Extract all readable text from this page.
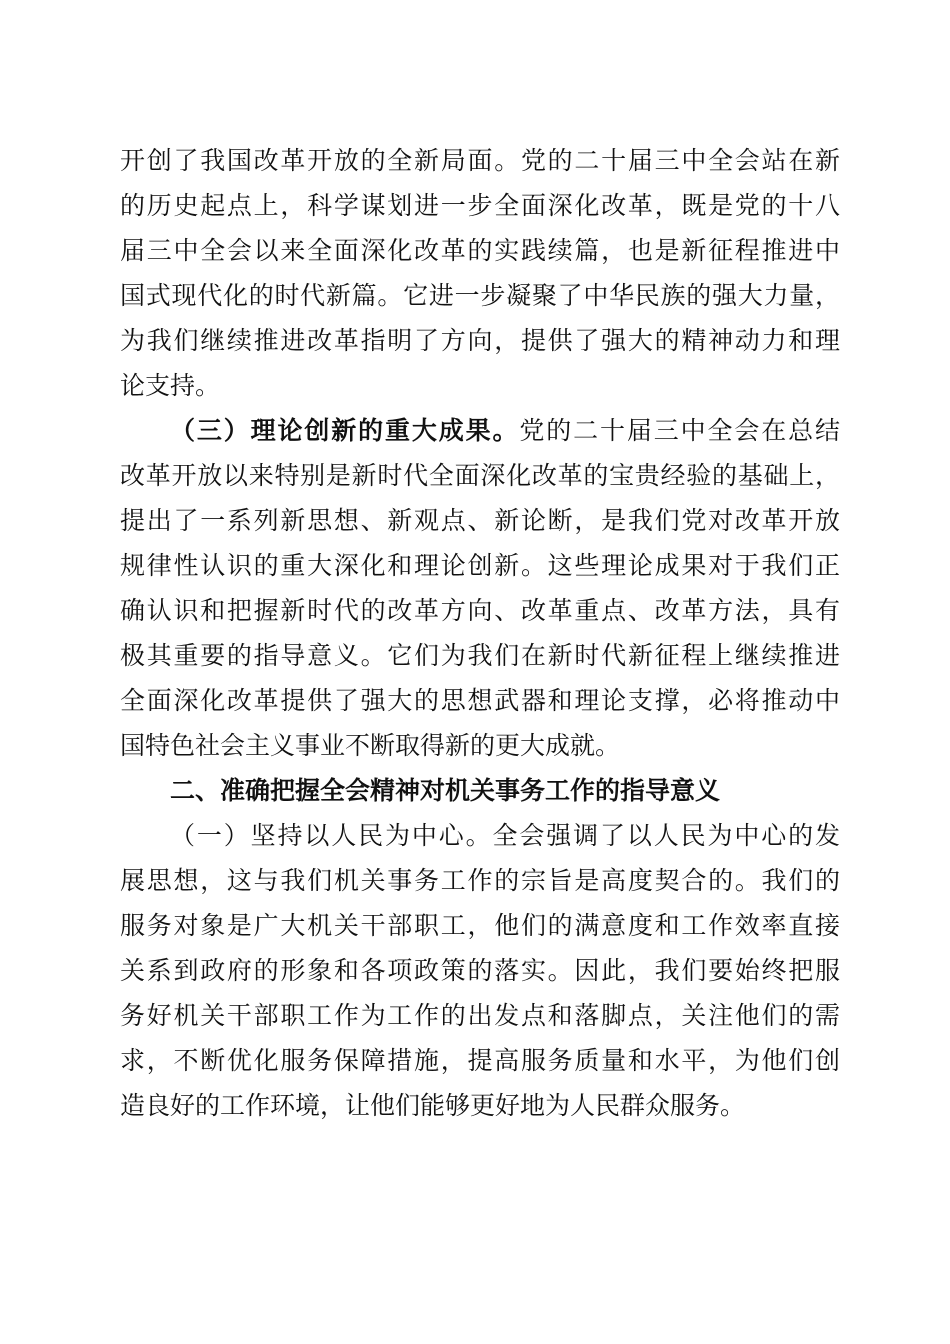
开创了我国改革开放的全新局面。党的二十届三中全会站在新
的历史起点上，科学谋划进一步全面深化改革，既是党的十八
届三中全会以来全面深化改革的实践续篇，也是新征程推进中
国式现代化的时代新篇。它进一步凝聚了中华民族的强大力量，
为我们继续推进改革指明了方向，提供了强大的精神动力和理
论支持。
（三）理论创新的重大成果。党的二十届三中全会在总结
改革开放以来特别是新时代全面深化改革的宝贵经验的基础上，
提出了一系列新思想、新观点、新论断，是我们党对改革开放
规律性认识的重大深化和理论创新。这些理论成果对于我们正
确认识和把握新时代的改革方向、改革重点、改革方法，具有
极其重要的指导意义。它们为我们在新时代新征程上继续推进
全面深化改革提供了强大的思想武器和理论支撑，必将推动中
国特色社会主义事业不断取得新的更大成就。
二、准确把握全会精神对机关事务工作的指导意义
（一）坚持以人民为中心。全会强调了以人民为中心的发
展思想，这与我们机关事务工作的宗旨是高度契合的。我们的
服务对象是广大机关干部职工，他们的满意度和工作效率直接
关系到政府的形象和各项政策的落实。因此，我们要始终把服
务好机关干部职工作为工作的出发点和落脚点，关注他们的需
求，不断优化服务保障措施，提高服务质量和水平，为他们创
造良好的工作环境，让他们能够更好地为人民群众服务。
